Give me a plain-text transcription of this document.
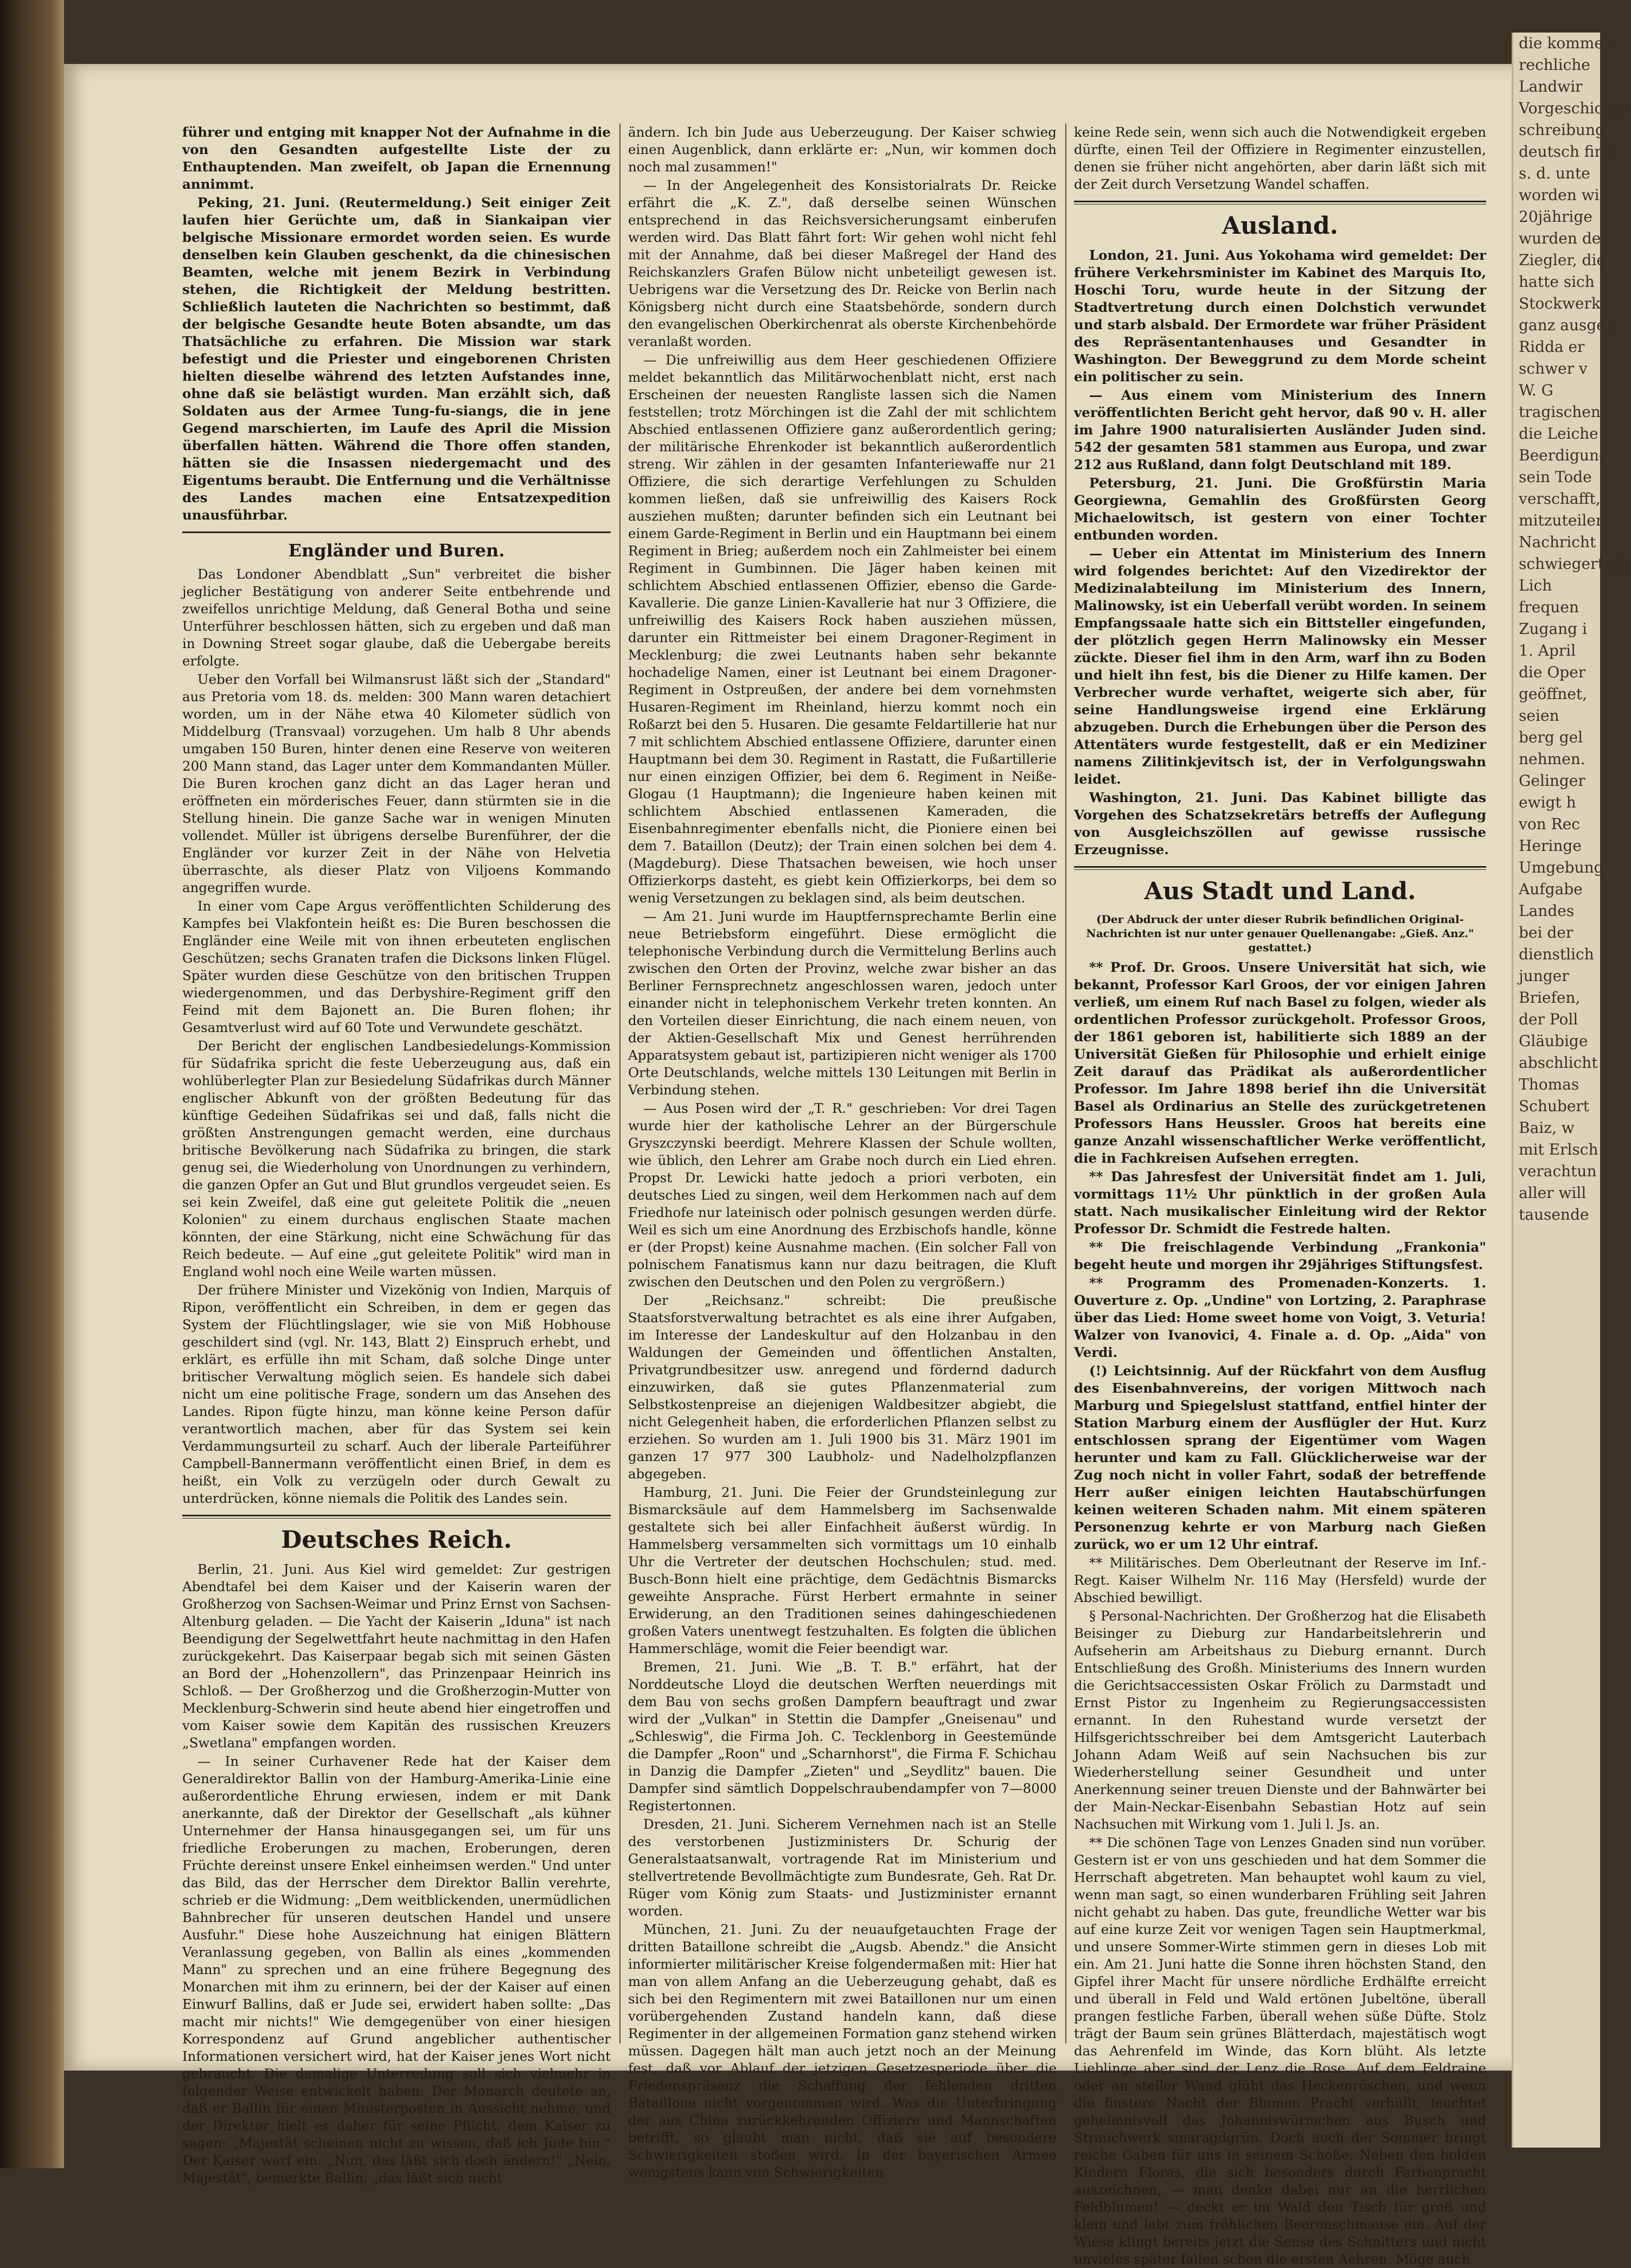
führer und entging mit knapper Not der Aufnahme in die von den Gesandten aufgestellte Liste der zu Enthauptenden. Man zweifelt, ob Japan die Ernennung annimmt.

Peking, 21. Juni. (Reutermeldung.) Seit einiger Zeit laufen hier Gerüchte um, daß in Siankaipan vier belgische Missionare ermordet worden seien. Es wurde denselben kein Glauben geschenkt, da die chinesischen Beamten, welche mit jenem Bezirk in Verbindung stehen, die Richtigkeit der Meldung bestritten. Schließlich lauteten die Nachrichten so bestimmt, daß der belgische Gesandte heute Boten absandte, um das Thatsächliche zu erfahren. Die Mission war stark befestigt und die Priester und eingeborenen Christen hielten dieselbe während des letzten Aufstandes inne, ohne daß sie belästigt wurden. Man erzählt sich, daß Soldaten aus der Armee Tung-fu-siangs, die in jene Gegend marschierten, im Laufe des April die Mission überfallen hätten. Während die Thore offen standen, hätten sie die Insassen niedergemacht und des Eigentums beraubt. Die Entfernung und die Verhältnisse des Landes machen eine Entsatzexpedition unausführbar.

Engländer und Buren.

Das Londoner Abendblatt „Sun" verbreitet die bisher jeglicher Bestätigung von anderer Seite entbehrende und zweifellos unrichtige Meldung, daß General Botha und seine Unterführer beschlossen hätten, sich zu ergeben und daß man in Downing Street sogar glaube, daß die Uebergabe bereits erfolgte.

Ueber den Vorfall bei Wilmansrust läßt sich der „Standard" aus Pretoria vom 18. ds. melden: 300 Mann waren detachiert worden, um in der Nähe etwa 40 Kilometer südlich von Middelburg (Transvaal) vorzugehen. Um halb 8 Uhr abends umgaben 150 Buren, hinter denen eine Reserve von weiteren 200 Mann stand, das Lager unter dem Kommandanten Müller. Die Buren krochen ganz dicht an das Lager heran und eröffneten ein mörderisches Feuer, dann stürmten sie in die Stellung hinein. Die ganze Sache war in wenigen Minuten vollendet. Müller ist übrigens derselbe Burenführer, der die Engländer vor kurzer Zeit in der Nähe von Helvetia überraschte, als dieser Platz von Viljoens Kommando angegriffen wurde.

In einer vom Cape Argus veröffentlichten Schilderung des Kampfes bei Vlakfontein heißt es: Die Buren beschossen die Engländer eine Weile mit von ihnen erbeuteten englischen Geschützen; sechs Granaten trafen die Dicksons linken Flügel. Später wurden diese Geschütze von den britischen Truppen wiedergenommen, und das Derbyshire-Regiment griff den Feind mit dem Bajonett an. Die Buren flohen; ihr Gesamtverlust wird auf 60 Tote und Verwundete geschätzt.

Der Bericht der englischen Landbesiedelungs-Kommission für Südafrika spricht die feste Ueberzeugung aus, daß ein wohlüberlegter Plan zur Besiedelung Südafrikas durch Männer englischer Abkunft von der größten Bedeutung für das künftige Gedeihen Südafrikas sei und daß, falls nicht die größten Anstrengungen gemacht werden, eine durchaus britische Bevölkerung nach Südafrika zu bringen, die stark genug sei, die Wiederholung von Unordnungen zu verhindern, die ganzen Opfer an Gut und Blut grundlos vergeudet seien. Es sei kein Zweifel, daß eine gut geleitete Politik die „neuen Kolonien" zu einem durchaus englischen Staate machen könnten, der eine Stärkung, nicht eine Schwächung für das Reich bedeute. — Auf eine „gut geleitete Politik" wird man in England wohl noch eine Weile warten müssen.

Der frühere Minister und Vizekönig von Indien, Marquis of Ripon, veröffentlicht ein Schreiben, in dem er gegen das System der Flüchtlingslager, wie sie von Miß Hobhouse geschildert sind (vgl. Nr. 143, Blatt 2) Einspruch erhebt, und erklärt, es erfülle ihn mit Scham, daß solche Dinge unter britischer Verwaltung möglich seien. Es handele sich dabei nicht um eine politische Frage, sondern um das Ansehen des Landes. Ripon fügte hinzu, man könne keine Person dafür verantwortlich machen, aber für das System sei kein Verdammungsurteil zu scharf. Auch der liberale Parteiführer Campbell-Bannermann veröffentlicht einen Brief, in dem es heißt, ein Volk zu verzügeln oder durch Gewalt zu unterdrücken, könne niemals die Politik des Landes sein.

Deutsches Reich.

Berlin, 21. Juni. Aus Kiel wird gemeldet: Zur gestrigen Abendtafel bei dem Kaiser und der Kaiserin waren der Großherzog von Sachsen-Weimar und Prinz Ernst von Sachsen-Altenburg geladen. — Die Yacht der Kaiserin „Iduna" ist nach Beendigung der Segelwettfahrt heute nachmittag in den Hafen zurückgekehrt. Das Kaiserpaar begab sich mit seinen Gästen an Bord der „Hohenzollern", das Prinzenpaar Heinrich ins Schloß. — Der Großherzog und die Großherzogin-Mutter von Mecklenburg-Schwerin sind heute abend hier eingetroffen und vom Kaiser sowie dem Kapitän des russischen Kreuzers „Swetlana" empfangen worden.

— In seiner Curhavener Rede hat der Kaiser dem Generaldirektor Ballin von der Hamburg-Amerika-Linie eine außerordentliche Ehrung erwiesen, indem er mit Dank anerkannte, daß der Direktor der Gesellschaft „als kühner Unternehmer der Hansa hinausgegangen sei, um für uns friedliche Eroberungen zu machen, Eroberungen, deren Früchte dereinst unsere Enkel einheimsen werden." Und unter das Bild, das der Herrscher dem Direktor Ballin verehrte, schrieb er die Widmung: „Dem weitblickenden, unermüdlichen Bahnbrecher für unseren deutschen Handel und unsere Ausfuhr." Diese hohe Auszeichnung hat einigen Blättern Veranlassung gegeben, von Ballin als eines „kommenden Mann" zu sprechen und an eine frühere Begegnung des Monarchen mit ihm zu erinnern, bei der der Kaiser auf einen Einwurf Ballins, daß er Jude sei, erwidert haben sollte: „Das macht mir nichts!" Wie demgegenüber von einer hiesigen Korrespondenz auf Grund angeblicher authentischer Informationen versichert wird, hat der Kaiser jenes Wort nicht gebraucht. Die damalige Unterredung soll sich vielmehr in folgender Weise entwickelt haben: Der Monarch deutete an, daß er Ballin für einen Ministerposten in Aussicht nehme, und der Direktor hielt es daher für seine Pflicht, dem Kaiser zu sagen: „Majestät scheinen nicht zu wissen, daß ich Jude bin." Der Kaiser warf ein: „Nun, das läßt sich doch ändern!" „Nein, Majestät", bemerkte Ballin, „das läßt sich nicht

ändern. Ich bin Jude aus Ueberzeugung. Der Kaiser schwieg einen Augenblick, dann erklärte er: „Nun, wir kommen doch noch mal zusammen!"

— In der Angelegenheit des Konsistorialrats Dr. Reicke erfährt die „K. Z.", daß derselbe seinen Wünschen entsprechend in das Reichsversicherungsamt einberufen werden wird. Das Blatt fährt fort: Wir gehen wohl nicht fehl mit der Annahme, daß bei dieser Maßregel der Hand des Reichskanzlers Grafen Bülow nicht unbeteiligt gewesen ist. Uebrigens war die Versetzung des Dr. Reicke von Berlin nach Königsberg nicht durch eine Staatsbehörde, sondern durch den evangelischen Oberkirchenrat als oberste Kirchenbehörde veranlaßt worden.

— Die unfreiwillig aus dem Heer geschiedenen Offiziere meldet bekanntlich das Militärwochenblatt nicht, erst nach Erscheinen der neuesten Rangliste lassen sich die Namen feststellen; trotz Mörchingen ist die Zahl der mit schlichtem Abschied entlassenen Offiziere ganz außerordentlich gering; der militärische Ehrenkoder ist bekanntlich außerordentlich streng. Wir zählen in der gesamten Infanteriewaffe nur 21 Offiziere, die sich derartige Verfehlungen zu Schulden kommen ließen, daß sie unfreiwillig des Kaisers Rock ausziehen mußten; darunter befinden sich ein Leutnant bei einem Garde-Regiment in Berlin und ein Hauptmann bei einem Regiment in Brieg; außerdem noch ein Zahlmeister bei einem Regiment in Gumbinnen. Die Jäger haben keinen mit schlichtem Abschied entlassenen Offizier, ebenso die Garde-Kavallerie. Die ganze Linien-Kavallerie hat nur 3 Offiziere, die unfreiwillig des Kaisers Rock haben ausziehen müssen, darunter ein Rittmeister bei einem Dragoner-Regiment in Mecklenburg; die zwei Leutnants haben sehr bekannte hochadelige Namen, einer ist Leutnant bei einem Dragoner-Regiment in Ostpreußen, der andere bei dem vornehmsten Husaren-Regiment im Rheinland, hierzu kommt noch ein Roßarzt bei den 5. Husaren. Die gesamte Feldartillerie hat nur 7 mit schlichtem Abschied entlassene Offiziere, darunter einen Hauptmann bei dem 30. Regiment in Rastatt, die Fußartillerie nur einen einzigen Offizier, bei dem 6. Regiment in Neiße-Glogau (1 Hauptmann); die Ingenieure haben keinen mit schlichtem Abschied entlassenen Kameraden, die Eisenbahnregimenter ebenfalls nicht, die Pioniere einen bei dem 7. Bataillon (Deutz); der Train einen solchen bei dem 4. (Magdeburg). Diese Thatsachen beweisen, wie hoch unser Offizierkorps dasteht, es giebt kein Offizierkorps, bei dem so wenig Versetzungen zu beklagen sind, als beim deutschen.

— Am 21. Juni wurde im Hauptfernsprechamte Berlin eine neue Betriebsform eingeführt. Diese ermöglicht die telephonische Verbindung durch die Vermittelung Berlins auch zwischen den Orten der Provinz, welche zwar bisher an das Berliner Fernsprechnetz angeschlossen waren, jedoch unter einander nicht in telephonischem Verkehr treten konnten. An den Vorteilen dieser Einrichtung, die nach einem neuen, von der Aktien-Gesellschaft Mix und Genest herrührenden Apparatsystem gebaut ist, partizipieren nicht weniger als 1700 Orte Deutschlands, welche mittels 130 Leitungen mit Berlin in Verbindung stehen.

— Aus Posen wird der „T. R." geschrieben: Vor drei Tagen wurde hier der katholische Lehrer an der Bürgerschule Gryszczynski beerdigt. Mehrere Klassen der Schule wollten, wie üblich, den Lehrer am Grabe noch durch ein Lied ehren. Propst Dr. Lewicki hatte jedoch a priori verboten, ein deutsches Lied zu singen, weil dem Herkommen nach auf dem Friedhofe nur lateinisch oder polnisch gesungen werden dürfe. Weil es sich um eine Anordnung des Erzbischofs handle, könne er (der Propst) keine Ausnahme machen. (Ein solcher Fall von polnischem Fanatismus kann nur dazu beitragen, die Kluft zwischen den Deutschen und den Polen zu vergrößern.)

Der „Reichsanz." schreibt: Die preußische Staatsforstverwaltung betrachtet es als eine ihrer Aufgaben, im Interesse der Landeskultur auf den Holzanbau in den Waldungen der Gemeinden und öffentlichen Anstalten, Privatgrundbesitzer usw. anregend und fördernd dadurch einzuwirken, daß sie gutes Pflanzenmaterial zum Selbstkostenpreise an diejenigen Waldbesitzer abgiebt, die nicht Gelegenheit haben, die erforderlichen Pflanzen selbst zu erziehen. So wurden am 1. Juli 1900 bis 31. März 1901 im ganzen 17 977 300 Laubholz- und Nadelholzpflanzen abgegeben.

Hamburg, 21. Juni. Die Feier der Grundsteinlegung zur Bismarcksäule auf dem Hammelsberg im Sachsenwalde gestaltete sich bei aller Einfachheit äußerst würdig. In Hammelsberg versammelten sich vormittags um 10 einhalb Uhr die Vertreter der deutschen Hochschulen; stud. med. Busch-Bonn hielt eine prächtige, dem Gedächtnis Bismarcks geweihte Ansprache. Fürst Herbert ermahnte in seiner Erwiderung, an den Traditionen seines dahingeschiedenen großen Vaters unentwegt festzuhalten. Es folgten die üblichen Hammerschläge, womit die Feier beendigt war.

Bremen, 21. Juni. Wie „B. T. B." erfährt, hat der Norddeutsche Lloyd die deutschen Werften neuerdings mit dem Bau von sechs großen Dampfern beauftragt und zwar wird der „Vulkan" in Stettin die Dampfer „Gneisenau" und „Schleswig", die Firma Joh. C. Tecklenborg in Geestemünde die Dampfer „Roon" und „Scharnhorst", die Firma F. Schichau in Danzig die Dampfer „Zieten" und „Seydlitz" bauen. Die Dampfer sind sämtlich Doppelschraubendampfer von 7—8000 Registertonnen.

Dresden, 21. Juni. Sicherem Vernehmen nach ist an Stelle des verstorbenen Justizministers Dr. Schurig der Generalstaatsanwalt, vortragende Rat im Ministerium und stellvertretende Bevollmächtigte zum Bundesrate, Geh. Rat Dr. Rüger vom König zum Staats- und Justizminister ernannt worden.

München, 21. Juni. Zu der neuaufgetauchten Frage der dritten Bataillone schreibt die „Augsb. Abendz." die Ansicht informierter militärischer Kreise folgendermaßen mit: Hier hat man von allem Anfang an die Ueberzeugung gehabt, daß es sich bei den Regimentern mit zwei Bataillonen nur um einen vorübergehenden Zustand handeln kann, daß diese Regimenter in der allgemeinen Formation ganz stehend wirken müssen. Dagegen hält man auch jetzt noch an der Meinung fest, daß vor Ablauf der jetzigen Gesetzesperiode über die Friedenspräsenz die Schaffung der fehlenden dritten Bataillone nicht vorgenommen wird. Was die Unterbringung der aus China zurückkehrenden Offiziere und Mannschaften betrifft, so glaubt man nicht, daß sie auf besondere Schwierigkeiten stoßen wird. In der bayerischen Armee wenigstens kann von Schwierigkeiten

keine Rede sein, wenn sich auch die Notwendigkeit ergeben dürfte, einen Teil der Offiziere in Regimenter einzustellen, denen sie früher nicht angehörten, aber darin läßt sich mit der Zeit durch Versetzung Wandel schaffen.

Ausland.

London, 21. Juni. Aus Yokohama wird gemeldet: Der frühere Verkehrsminister im Kabinet des Marquis Ito, Hoschi Toru, wurde heute in der Sitzung der Stadtvertretung durch einen Dolchstich verwundet und starb alsbald. Der Ermordete war früher Präsident des Repräsentantenhauses und Gesandter in Washington. Der Beweggrund zu dem Morde scheint ein politischer zu sein.

— Aus einem vom Ministerium des Innern veröffentlichten Bericht geht hervor, daß 90 v. H. aller im Jahre 1900 naturalisierten Ausländer Juden sind. 542 der gesamten 581 stammen aus Europa, und zwar 212 aus Rußland, dann folgt Deutschland mit 189.

Petersburg, 21. Juni. Die Großfürstin Maria Georgiewna, Gemahlin des Großfürsten Georg Michaelowitsch, ist gestern von einer Tochter entbunden worden.

— Ueber ein Attentat im Ministerium des Innern wird folgendes berichtet: Auf den Vizedirektor der Medizinalabteilung im Ministerium des Innern, Malinowsky, ist ein Ueberfall verübt worden. In seinem Empfangssaale hatte sich ein Bittsteller eingefunden, der plötzlich gegen Herrn Malinowsky ein Messer zückte. Dieser fiel ihm in den Arm, warf ihn zu Boden und hielt ihn fest, bis die Diener zu Hilfe kamen. Der Verbrecher wurde verhaftet, weigerte sich aber, für seine Handlungsweise irgend eine Erklärung abzugeben. Durch die Erhebungen über die Person des Attentäters wurde festgestellt, daß er ein Mediziner namens Zilitinkjevitsch ist, der in Verfolgungswahn leidet.

Washington, 21. Juni. Das Kabinet billigte das Vorgehen des Schatzsekretärs betreffs der Auflegung von Ausgleichszöllen auf gewisse russische Erzeugnisse.

Aus Stadt und Land.
(Der Abdruck der unter dieser Rubrik befindlichen Original-Nachrichten ist nur unter genauer Quellenangabe: „Gieß. Anz." gestattet.)

** Prof. Dr. Groos. Unsere Universität hat sich, wie bekannt, Professor Karl Groos, der vor einigen Jahren verließ, um einem Ruf nach Basel zu folgen, wieder als ordentlichen Professor zurückgeholt. Professor Groos, der 1861 geboren ist, habilitierte sich 1889 an der Universität Gießen für Philosophie und erhielt einige Zeit darauf das Prädikat als außerordentlicher Professor. Im Jahre 1898 berief ihn die Universität Basel als Ordinarius an Stelle des zurückgetretenen Professors Hans Heussler. Groos hat bereits eine ganze Anzahl wissenschaftlicher Werke veröffentlicht, die in Fachkreisen Aufsehen erregten.

** Das Jahresfest der Universität findet am 1. Juli, vormittags 11½ Uhr pünktlich in der großen Aula statt. Nach musikalischer Einleitung wird der Rektor Professor Dr. Schmidt die Festrede halten.

** Die freischlagende Verbindung „Frankonia" begeht heute und morgen ihr 29jähriges Stiftungsfest.

** Programm des Promenaden-Konzerts. 1. Ouverture z. Op. „Undine" von Lortzing, 2. Paraphrase über das Lied: Home sweet home von Voigt, 3. Veturia! Walzer von Ivanovici, 4. Finale a. d. Op. „Aida" von Verdi.

(!) Leichtsinnig. Auf der Rückfahrt von dem Ausflug des Eisenbahnvereins, der vorigen Mittwoch nach Marburg und Spiegelslust stattfand, entfiel hinter der Station Marburg einem der Ausflügler der Hut. Kurz entschlossen sprang der Eigentümer vom Wagen herunter und kam zu Fall. Glücklicherweise war der Zug noch nicht in voller Fahrt, sodaß der betreffende Herr außer einigen leichten Hautabschürfungen keinen weiteren Schaden nahm. Mit einem späteren Personenzug kehrte er von Marburg nach Gießen zurück, wo er um 12 Uhr eintraf.

** Militärisches. Dem Oberleutnant der Reserve im Inf.-Regt. Kaiser Wilhelm Nr. 116 May (Hersfeld) wurde der Abschied bewilligt.

§ Personal-Nachrichten. Der Großherzog hat die Elisabeth Beisinger zu Dieburg zur Handarbeitslehrerin und Aufseherin am Arbeitshaus zu Dieburg ernannt. Durch Entschließung des Großh. Ministeriums des Innern wurden die Gerichtsaccessisten Oskar Frölich zu Darmstadt und Ernst Pistor zu Ingenheim zu Regierungsaccessisten ernannt. In den Ruhestand wurde versetzt der Hilfsgerichtsschreiber bei dem Amtsgericht Lauterbach Johann Adam Weiß auf sein Nachsuchen bis zur Wiederherstellung seiner Gesundheit und unter Anerkennung seiner treuen Dienste und der Bahnwärter bei der Main-Neckar-Eisenbahn Sebastian Hotz auf sein Nachsuchen mit Wirkung vom 1. Juli l. Js. an.

** Die schönen Tage von Lenzes Gnaden sind nun vorüber. Gestern ist er von uns geschieden und hat dem Sommer die Herrschaft abgetreten. Man behauptet wohl kaum zu viel, wenn man sagt, so einen wunderbaren Frühling seit Jahren nicht gehabt zu haben. Das gute, freundliche Wetter war bis auf eine kurze Zeit vor wenigen Tagen sein Hauptmerkmal, und unsere Sommer-Wirte stimmen gern in dieses Lob mit ein. Am 21. Juni hatte die Sonne ihren höchsten Stand, den Gipfel ihrer Macht für unsere nördliche Erdhälfte erreicht und überall in Feld und Wald ertönen Jubeltöne, überall prangen festliche Farben, überall wehen süße Düfte. Stolz trägt der Baum sein grünes Blätterdach, majestätisch wogt das Aehrenfeld im Winde, das Korn blüht. Als letzte Lieblinge aber sind der Lenz die Rose. Auf dem Feldraine oder an steiler Wand glüht das Heckenröschen, und wenn die finstere Nacht der Blumen Pracht verhüllt, leuchtet geheimnisvoll das Johanniswürmchen aus Busch und Strauchwerk smaragdgrün. Doch auch der Sommer bringt reiche Gaben für uns in seinem Schoße. Neben den holden Kindern Floras, die sich besonders durch Farbenpracht auszeichnen, — man denke dabei nur an die herrlichen Feldblumen! — deckt er im Wald den Tisch für groß und klein und labt zum fröhlichen Beerenschmause ein. Auf der Wiese klingt bereits jetzt die Sense des Schnitters und nicht unvieles später fallen schon die ersten Aehren. Möge auch

die kommen
rechliche
Landwir
Vorgeschichte
schreibung
deutsch find
s. d. unte
worden wi
20jährige
wurden de
Ziegler, die
hatte sich
Stockwerk
ganz ausgeb
Ridda er
schwer v
W. G
tragischen
die Leiche
Beerdigung
sein Tode
verschafft,
mitzuteilen
Nachricht
schwiegertoch
Lich
frequen
Zugang i
1. April
die Oper
geöffnet,
seien
berg gel
nehmen.
Gelinger
ewigt h
von Rec
Heringe
Umgebung
Aufgabe
Landes
bei der
dienstlich
junger
Briefen,
der Poll
Gläubige
abschlicht
Thomas
Schubert
Baiz, w
mit Erlsch
verachtun
aller will
tausende
